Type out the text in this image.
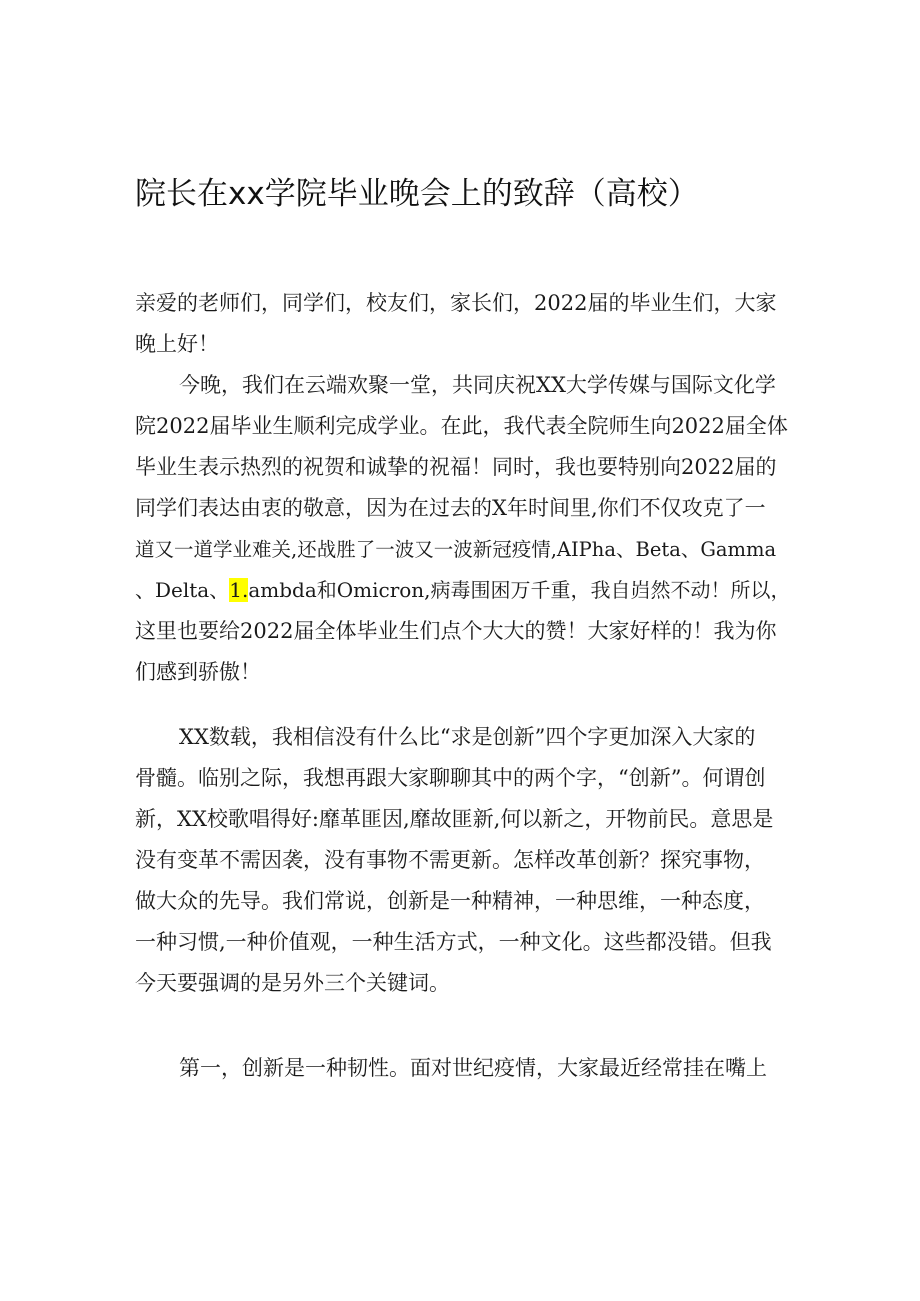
院长在xx学院毕业晚会上的致辞（高校）
亲爱的老师们，同学们，校友们，家长们，2022届的毕业生们，大家
晚上好！
今晚，我们在云端欢聚一堂，共同庆祝XX大学传媒与国际文化学
院2022届毕业生顺利完成学业。在此，我代表全院师生向2022届全体
毕业生表示热烈的祝贺和诚挚的祝福！同时，我也要特别向2022届的
同学们表达由衷的敬意，因为在过去的X年时间里,你们不仅攻克了一
道又一道学业难关,还战胜了一波又一波新冠疫情,AIPha、Beta、Gamma
、Delta、1.ambda和Omicron,病毒围困万千重，我自岿然不动！所以，
这里也要给2022届全体毕业生们点个大大的赞！大家好样的！我为你
们感到骄傲！
XX数载，我相信没有什么比“求是创新”四个字更加深入大家的
骨髓。临别之际，我想再跟大家聊聊其中的两个字，“创新”。何谓创
新，XX校歌唱得好:靡革匪因,靡故匪新,何以新之，开物前民。意思是
没有变革不需因袭，没有事物不需更新。怎样改革创新？探究事物，
做大众的先导。我们常说，创新是一种精神，一种思维，一种态度，
一种习惯,一种价值观，一种生活方式，一种文化。这些都没错。但我
今天要强调的是另外三个关键词。
第一，创新是一种韧性。面对世纪疫情，大家最近经常挂在嘴上
